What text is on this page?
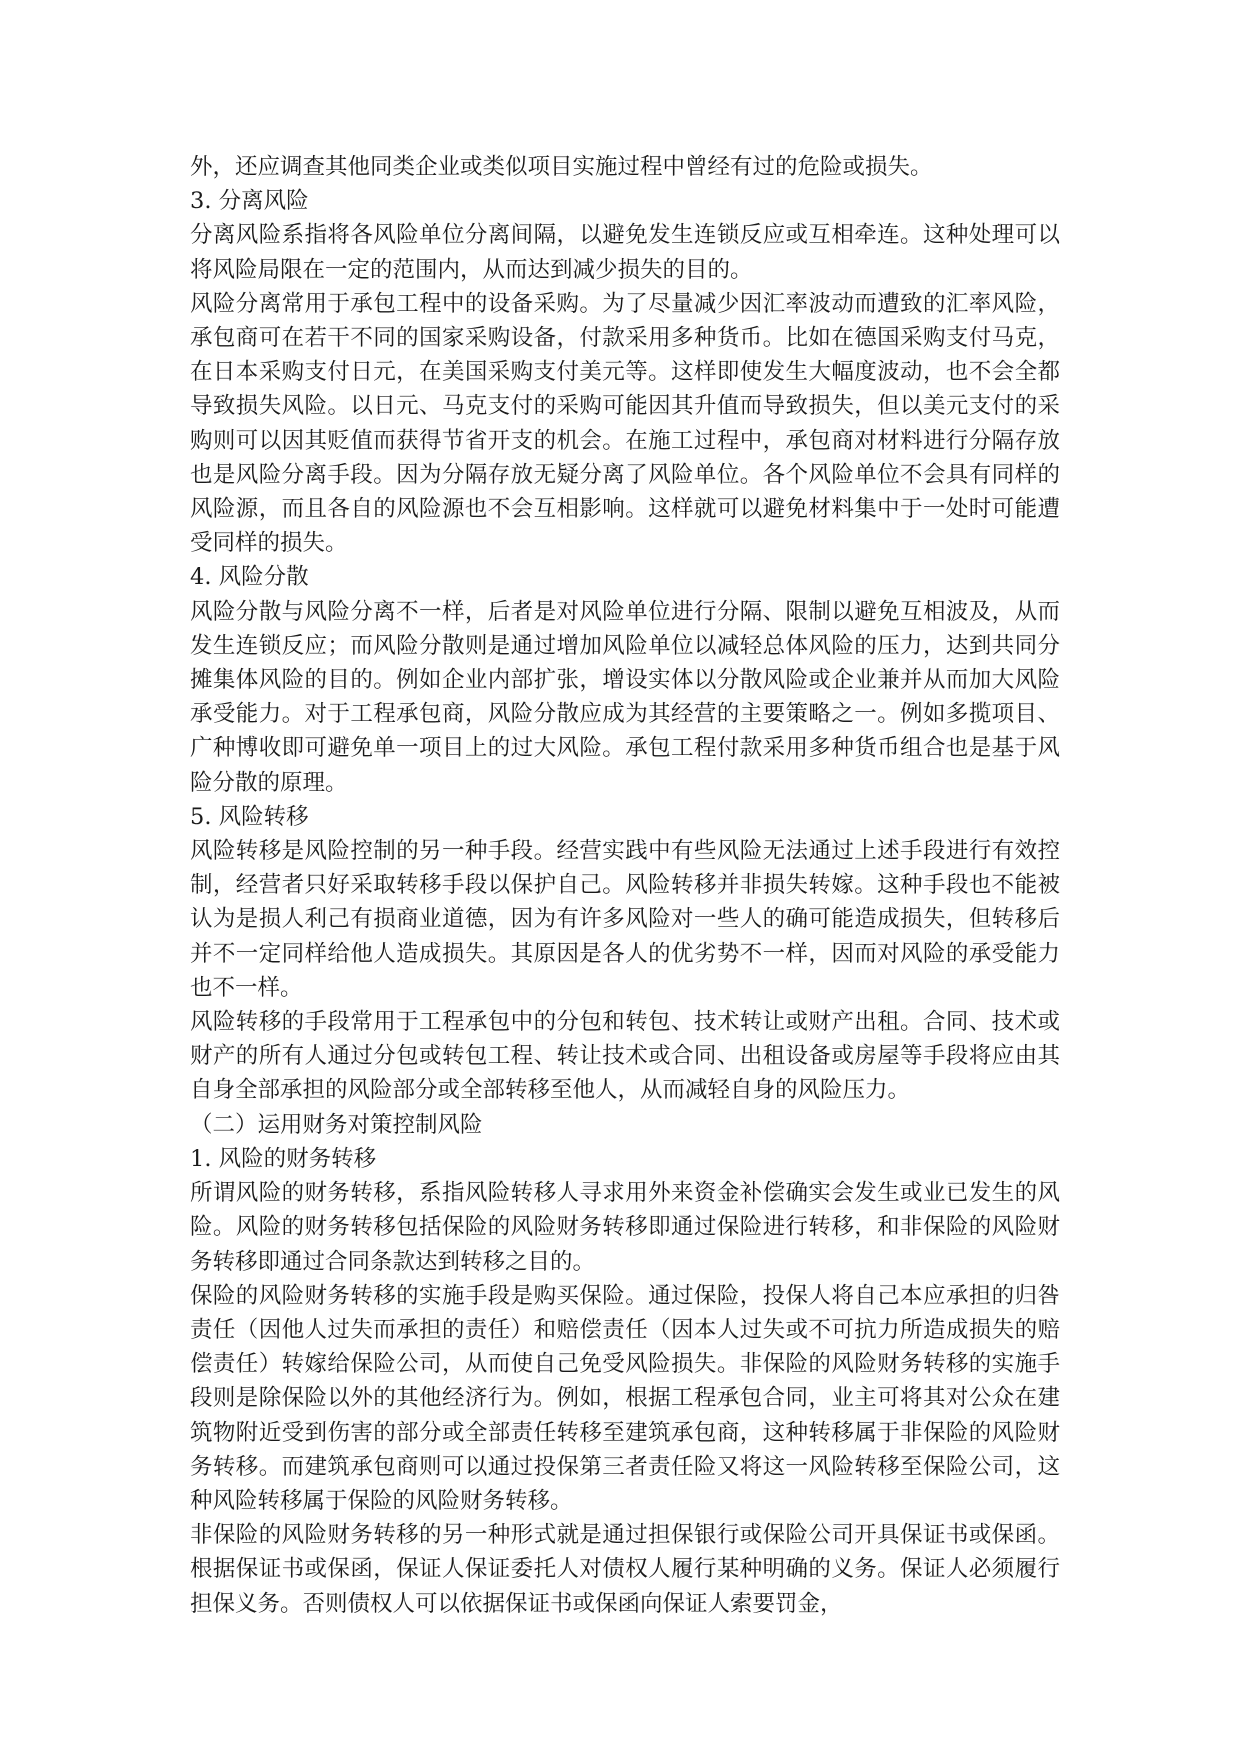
外，还应调查其他同类企业或类似项目实施过程中曾经有过的危险或损失。

3. 分离风险

分离风险系指将各风险单位分离间隔，以避免发生连锁反应或互相牵连。这种处理可以将风险局限在一定的范围内，从而达到减少损失的目的。

风险分离常用于承包工程中的设备采购。为了尽量减少因汇率波动而遭致的汇率风险，承包商可在若干不同的国家采购设备，付款采用多种货币。比如在德国采购支付马克，在日本采购支付日元，在美国采购支付美元等。这样即使发生大幅度波动，也不会全都导致损失风险。以日元、马克支付的采购可能因其升值而导致损失，但以美元支付的采购则可以因其贬值而获得节省开支的机会。在施工过程中，承包商对材料进行分隔存放也是风险分离手段。因为分隔存放无疑分离了风险单位。各个风险单位不会具有同样的风险源，而且各自的风险源也不会互相影响。这样就可以避免材料集中于一处时可能遭受同样的损失。

4. 风险分散

风险分散与风险分离不一样，后者是对风险单位进行分隔、限制以避免互相波及，从而发生连锁反应；而风险分散则是通过增加风险单位以减轻总体风险的压力，达到共同分摊集体风险的目的。例如企业内部扩张，增设实体以分散风险或企业兼并从而加大风险承受能力。对于工程承包商，风险分散应成为其经营的主要策略之一。例如多揽项目、广种博收即可避免单一项目上的过大风险。承包工程付款采用多种货币组合也是基于风险分散的原理。

5. 风险转移

风险转移是风险控制的另一种手段。经营实践中有些风险无法通过上述手段进行有效控制，经营者只好采取转移手段以保护自己。风险转移并非损失转嫁。这种手段也不能被认为是损人利己有损商业道德，因为有许多风险对一些人的确可能造成损失，但转移后并不一定同样给他人造成损失。其原因是各人的优劣势不一样，因而对风险的承受能力也不一样。

风险转移的手段常用于工程承包中的分包和转包、技术转让或财产出租。合同、技术或财产的所有人通过分包或转包工程、转让技术或合同、出租设备或房屋等手段将应由其自身全部承担的风险部分或全部转移至他人，从而减轻自身的风险压力。

（二）运用财务对策控制风险
1. 风险的财务转移

所谓风险的财务转移，系指风险转移人寻求用外来资金补偿确实会发生或业已发生的风险。风险的财务转移包括保险的风险财务转移即通过保险进行转移，和非保险的风险财务转移即通过合同条款达到转移之目的。

保险的风险财务转移的实施手段是购买保险。通过保险，投保人将自己本应承担的归咎责任（因他人过失而承担的责任）和赔偿责任（因本人过失或不可抗力所造成损失的赔偿责任）转嫁给保险公司，从而使自己免受风险损失。非保险的风险财务转移的实施手段则是除保险以外的其他经济行为。例如，根据工程承包合同，业主可将其对公众在建筑物附近受到伤害的部分或全部责任转移至建筑承包商，这种转移属于非保险的风险财务转移。而建筑承包商则可以通过投保第三者责任险又将这一风险转移至保险公司，这种风险转移属于保险的风险财务转移。

非保险的风险财务转移的另一种形式就是通过担保银行或保险公司开具保证书或保函。根据保证书或保函，保证人保证委托人对债权人履行某种明确的义务。保证人必须履行担保义务。否则债权人可以依据保证书或保函向保证人索要罚金，
